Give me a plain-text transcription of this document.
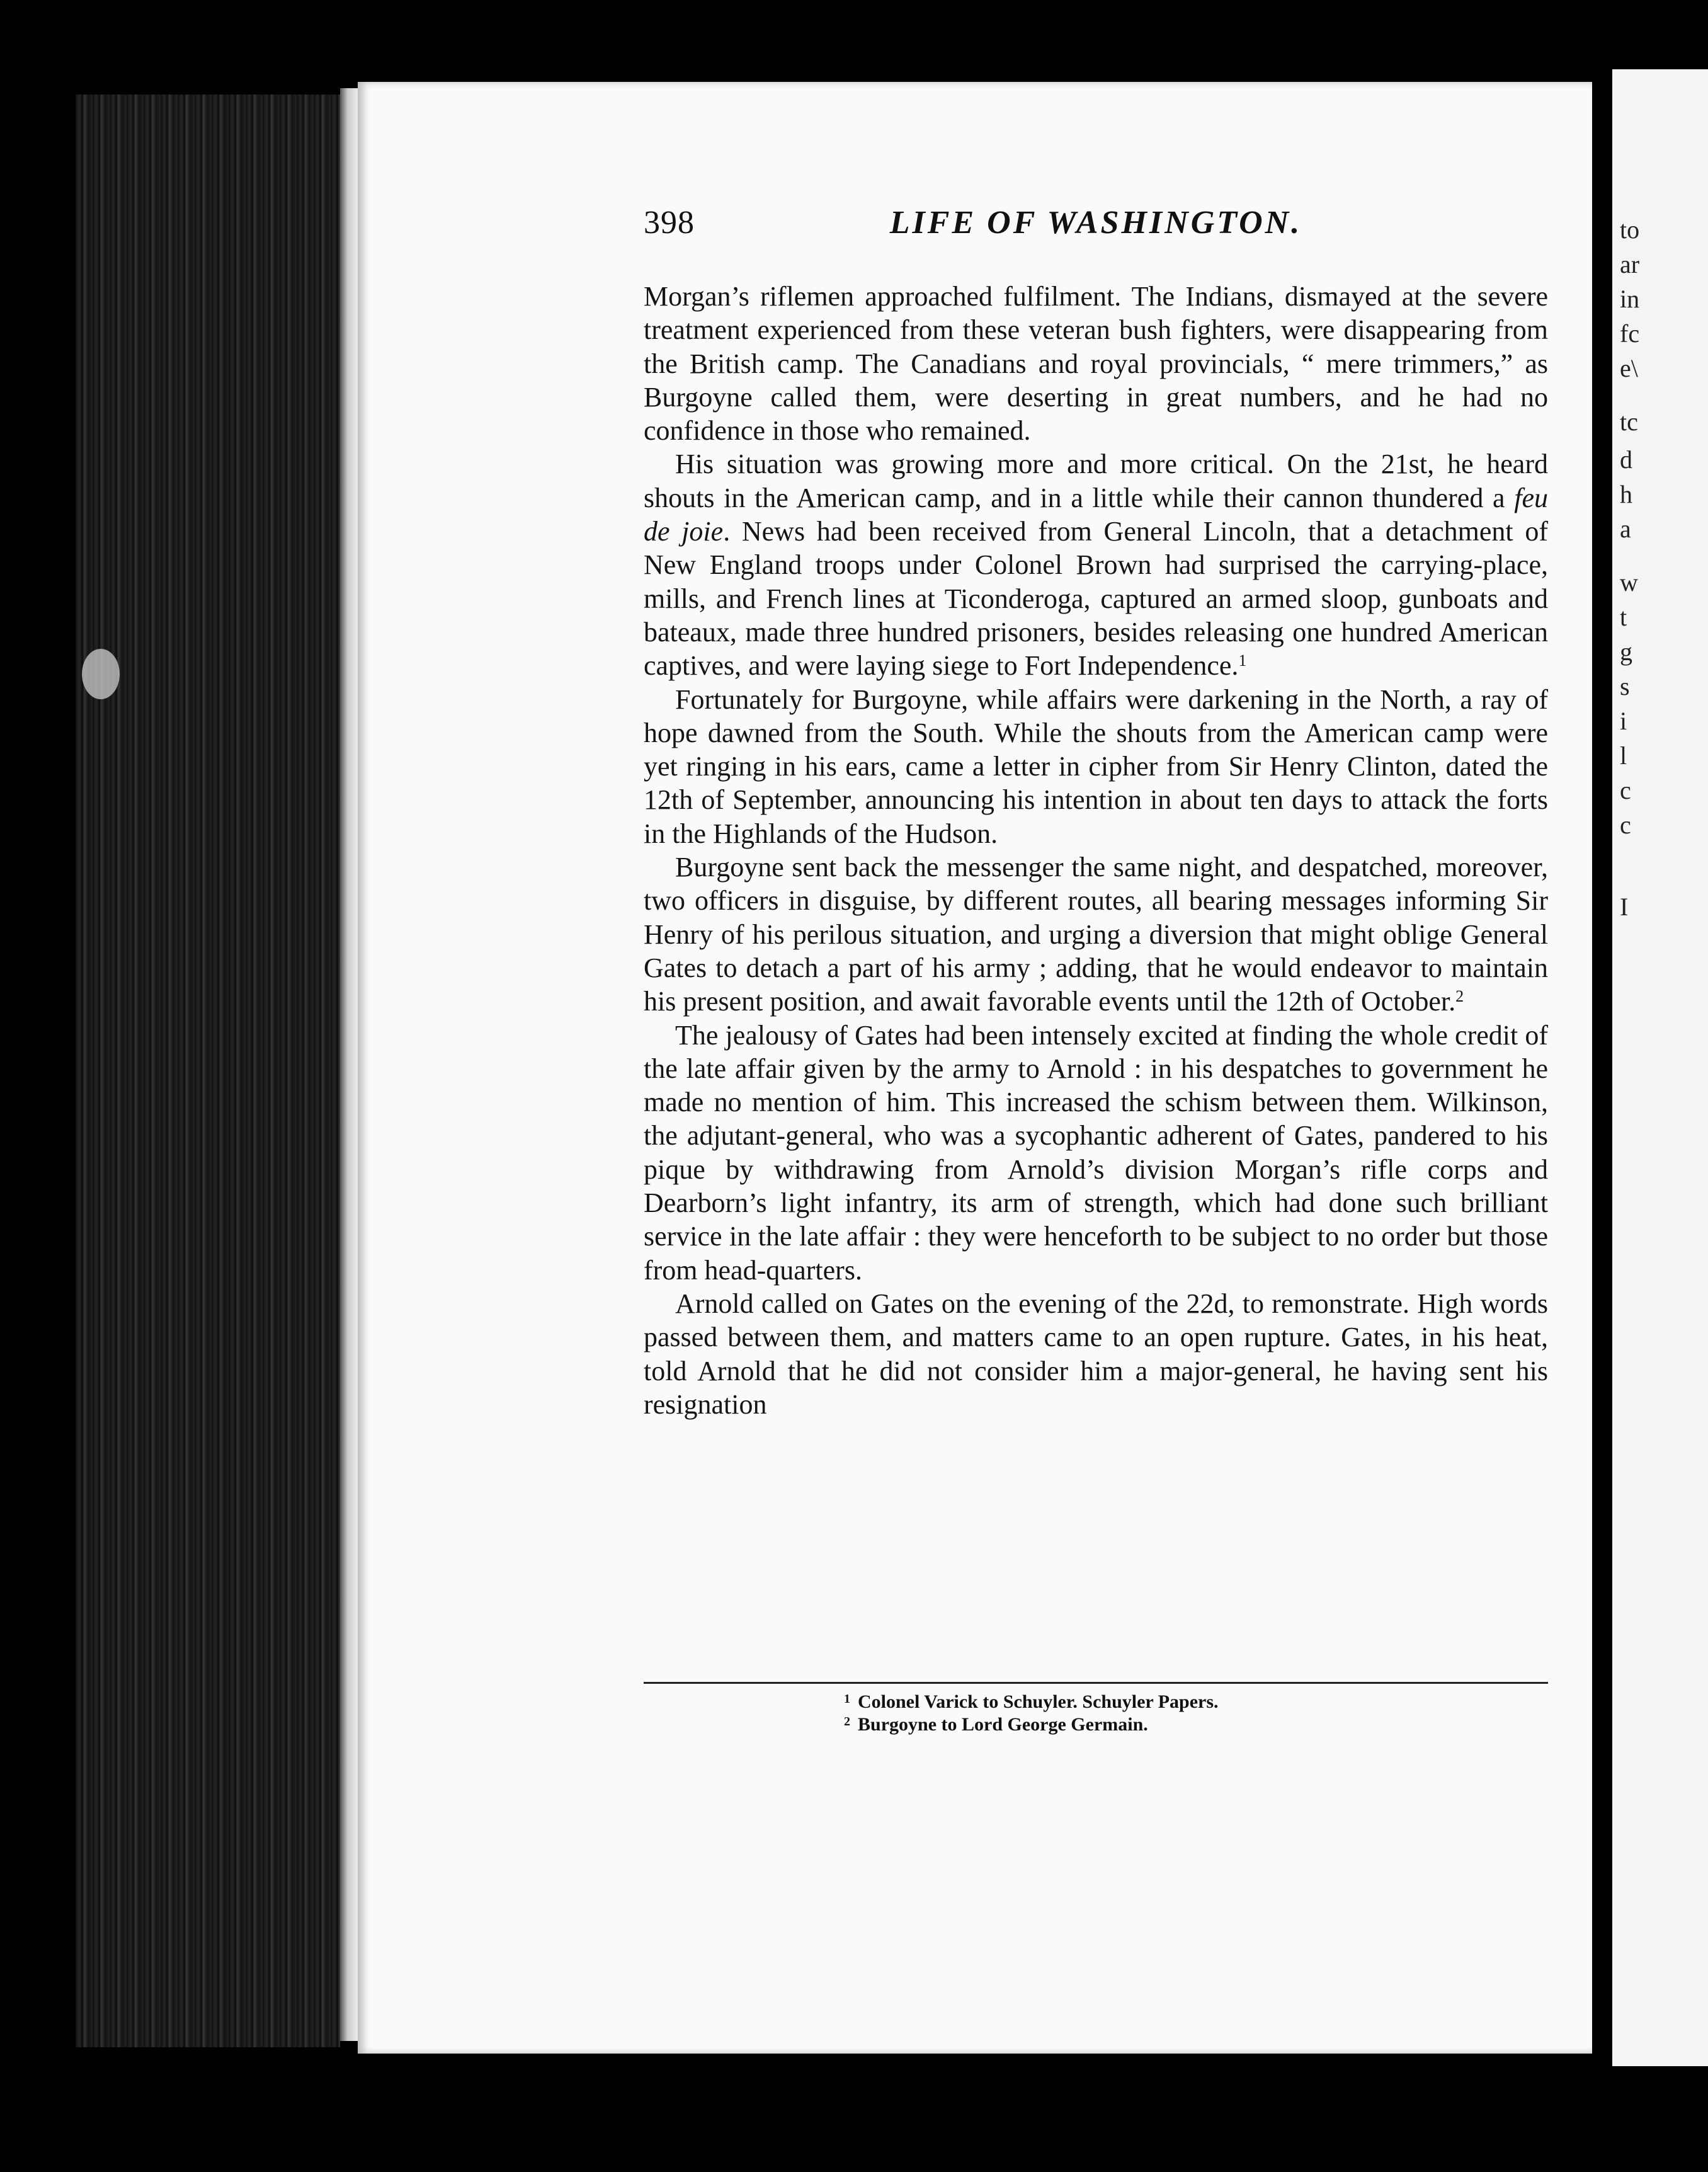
to
ar
in
fc
e\
tc
d
h
a
w
t
g
s
i
l
c
c
I
398	LIFE OF WASHINGTON.

Morgan’s riflemen approached fulfilment. The Indians, dismayed at the severe treatment experienced from these veteran bush fighters, were disappearing from the British camp. The Canadians and royal provincials, “ mere trimmers,” as Burgoyne called them, were deserting in great numbers, and he had no confidence in those who remained.

His situation was growing more and more critical. On the 21st, he heard shouts in the American camp, and in a little while their cannon thundered a feu de joie. News had been received from General Lincoln, that a detachment of New England troops under Colonel Brown had surprised the carrying-place, mills, and French lines at Ticonderoga, captured an armed sloop, gunboats and bateaux, made three hundred prisoners, besides releasing one hundred American captives, and were laying siege to Fort Independence.$^1$

Fortunately for Burgoyne, while affairs were darkening in the North, a ray of hope dawned from the South. While the shouts from the American camp were yet ringing in his ears, came a letter in cipher from Sir Henry Clinton, dated the 12th of September, announcing his intention in about ten days to attack the forts in the Highlands of the Hudson.

Burgoyne sent back the messenger the same night, and despatched, moreover, two officers in disguise, by different routes, all bearing messages informing Sir Henry of his perilous situation, and urging a diversion that might oblige General Gates to detach a part of his army ; adding, that he would endeavor to maintain his present position, and await favorable events until the 12th of October.$^2$

The jealousy of Gates had been intensely excited at finding the whole credit of the late affair given by the army to Arnold : in his despatches to government he made no mention of him. This increased the schism between them. Wilkinson, the adjutant-general, who was a sycophantic adherent of Gates, pandered to his pique by withdrawing from Arnold’s division Morgan’s rifle corps and Dearborn’s light infantry, its arm of strength, which had done such brilliant service in the late affair : they were henceforth to be subject to no order but those from head-quarters.

Arnold called on Gates on the evening of the 22d, to remonstrate. High words passed between them, and matters came to an open rupture. Gates, in his heat, told Arnold that he did not consider him a major-general, he having sent his resignation

$^1$ Colonel Varick to Schuyler. Schuyler Papers.
$^2$ Burgoyne to Lord George Germain.
